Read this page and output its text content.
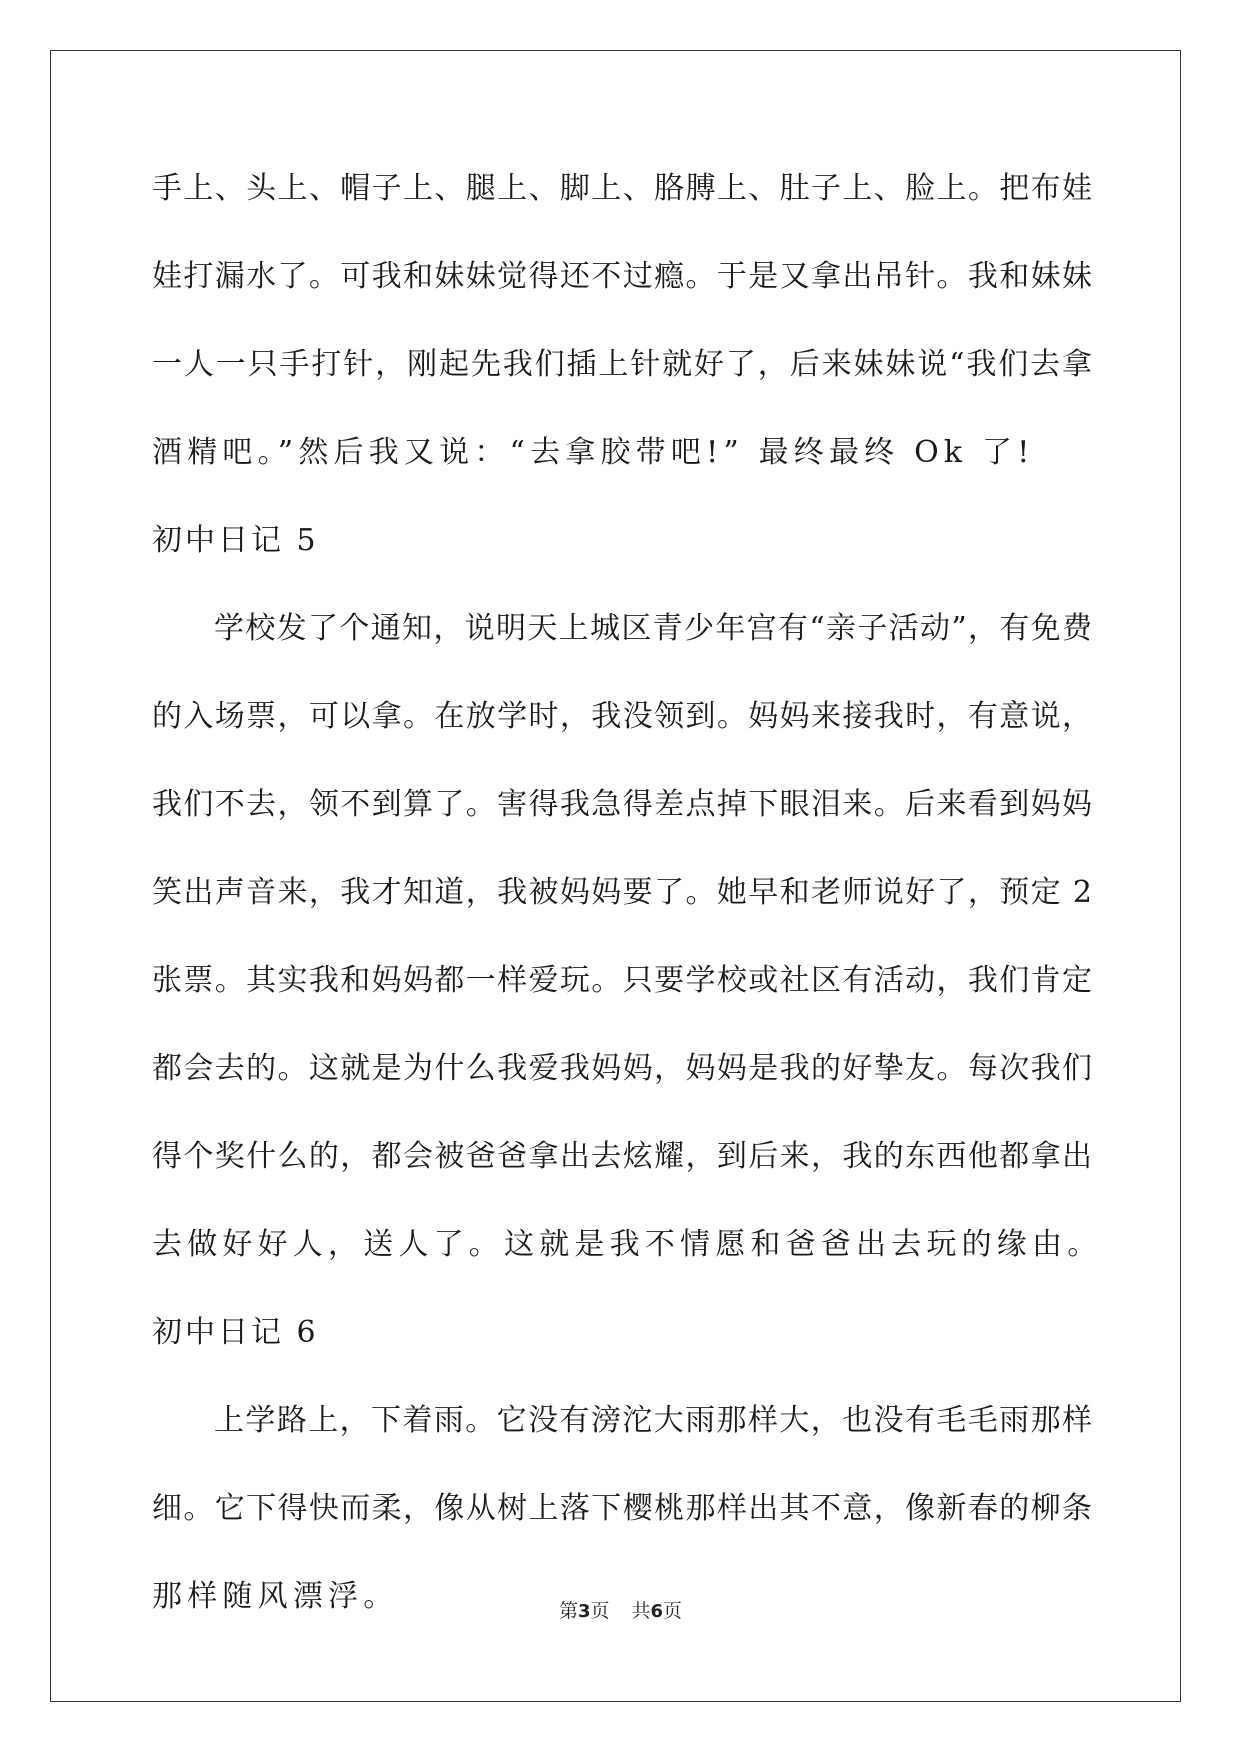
手上、头上、帽子上、腿上、脚上、胳膊上、肚子上、脸上。把布娃
娃打漏水了。可我和妹妹觉得还不过瘾。于是又拿出吊针。我和妹妹
一人一只手打针，刚起先我们插上针就好了，后来妹妹说“我们去拿
酒精吧。”然后我又说：“去拿胶带吧!” 最终最终 Ok 了!
初中日记 5
学校发了个通知，说明天上城区青少年宫有“亲子活动”，有免费
的入场票，可以拿。在放学时，我没领到。妈妈来接我时，有意说，
我们不去，领不到算了。害得我急得差点掉下眼泪来。后来看到妈妈
笑出声音来，我才知道，我被妈妈要了。她早和老师说好了，预定 2
张票。其实我和妈妈都一样爱玩。只要学校或社区有活动，我们肯定
都会去的。这就是为什么我爱我妈妈，妈妈是我的好挚友。每次我们
得个奖什么的，都会被爸爸拿出去炫耀，到后来，我的东西他都拿出
去做好好人，送人了。这就是我不情愿和爸爸出去玩的缘由。
初中日记 6
上学路上，下着雨。它没有滂沱大雨那样大，也没有毛毛雨那样
细。它下得快而柔，像从树上落下樱桃那样出其不意，像新春的柳条
那样随风漂浮。	第3页 共6页
